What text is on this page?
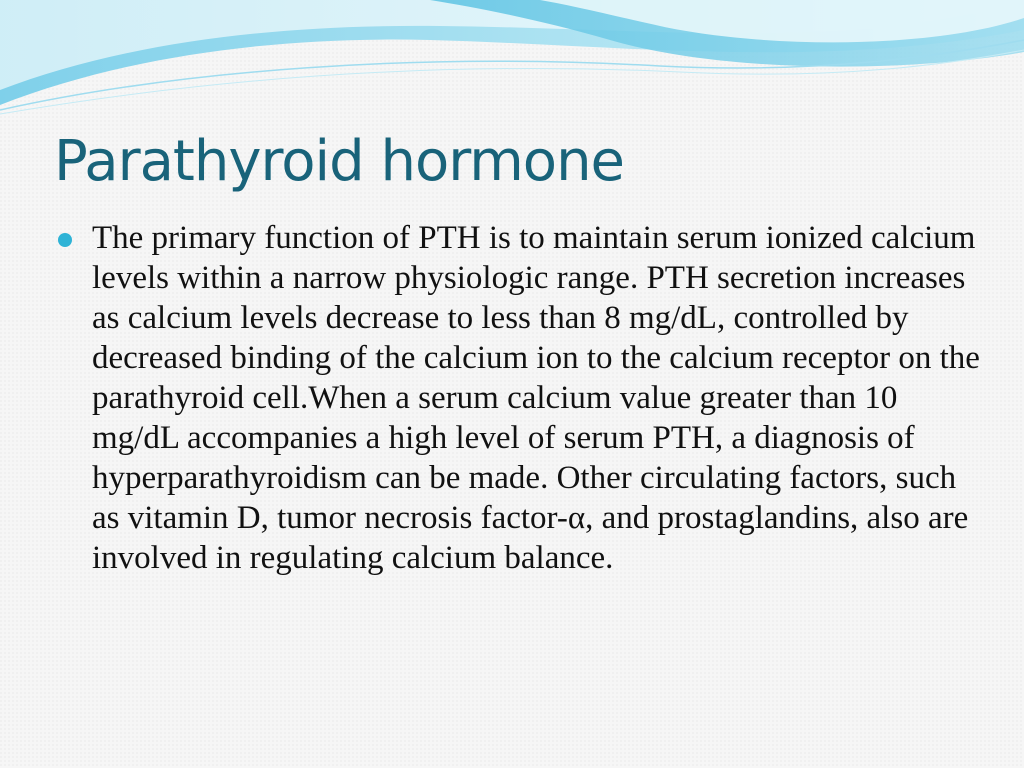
Parathyroid hormone

The primary function of PTH is to maintain serum ionized calcium levels within a narrow physiologic range. PTH secretion increases as calcium levels decrease to less than 8 mg/dL, controlled by decreased binding of the calcium ion to the calcium receptor on the parathyroid cell.When a serum calcium value greater than 10 mg/dL accompanies a high level of serum PTH, a diagnosis of hyperparathyroidism can be made. Other circulating factors, such as vitamin D, tumor necrosis factor-α, and prostaglandins, also are involved in regulating calcium balance.
